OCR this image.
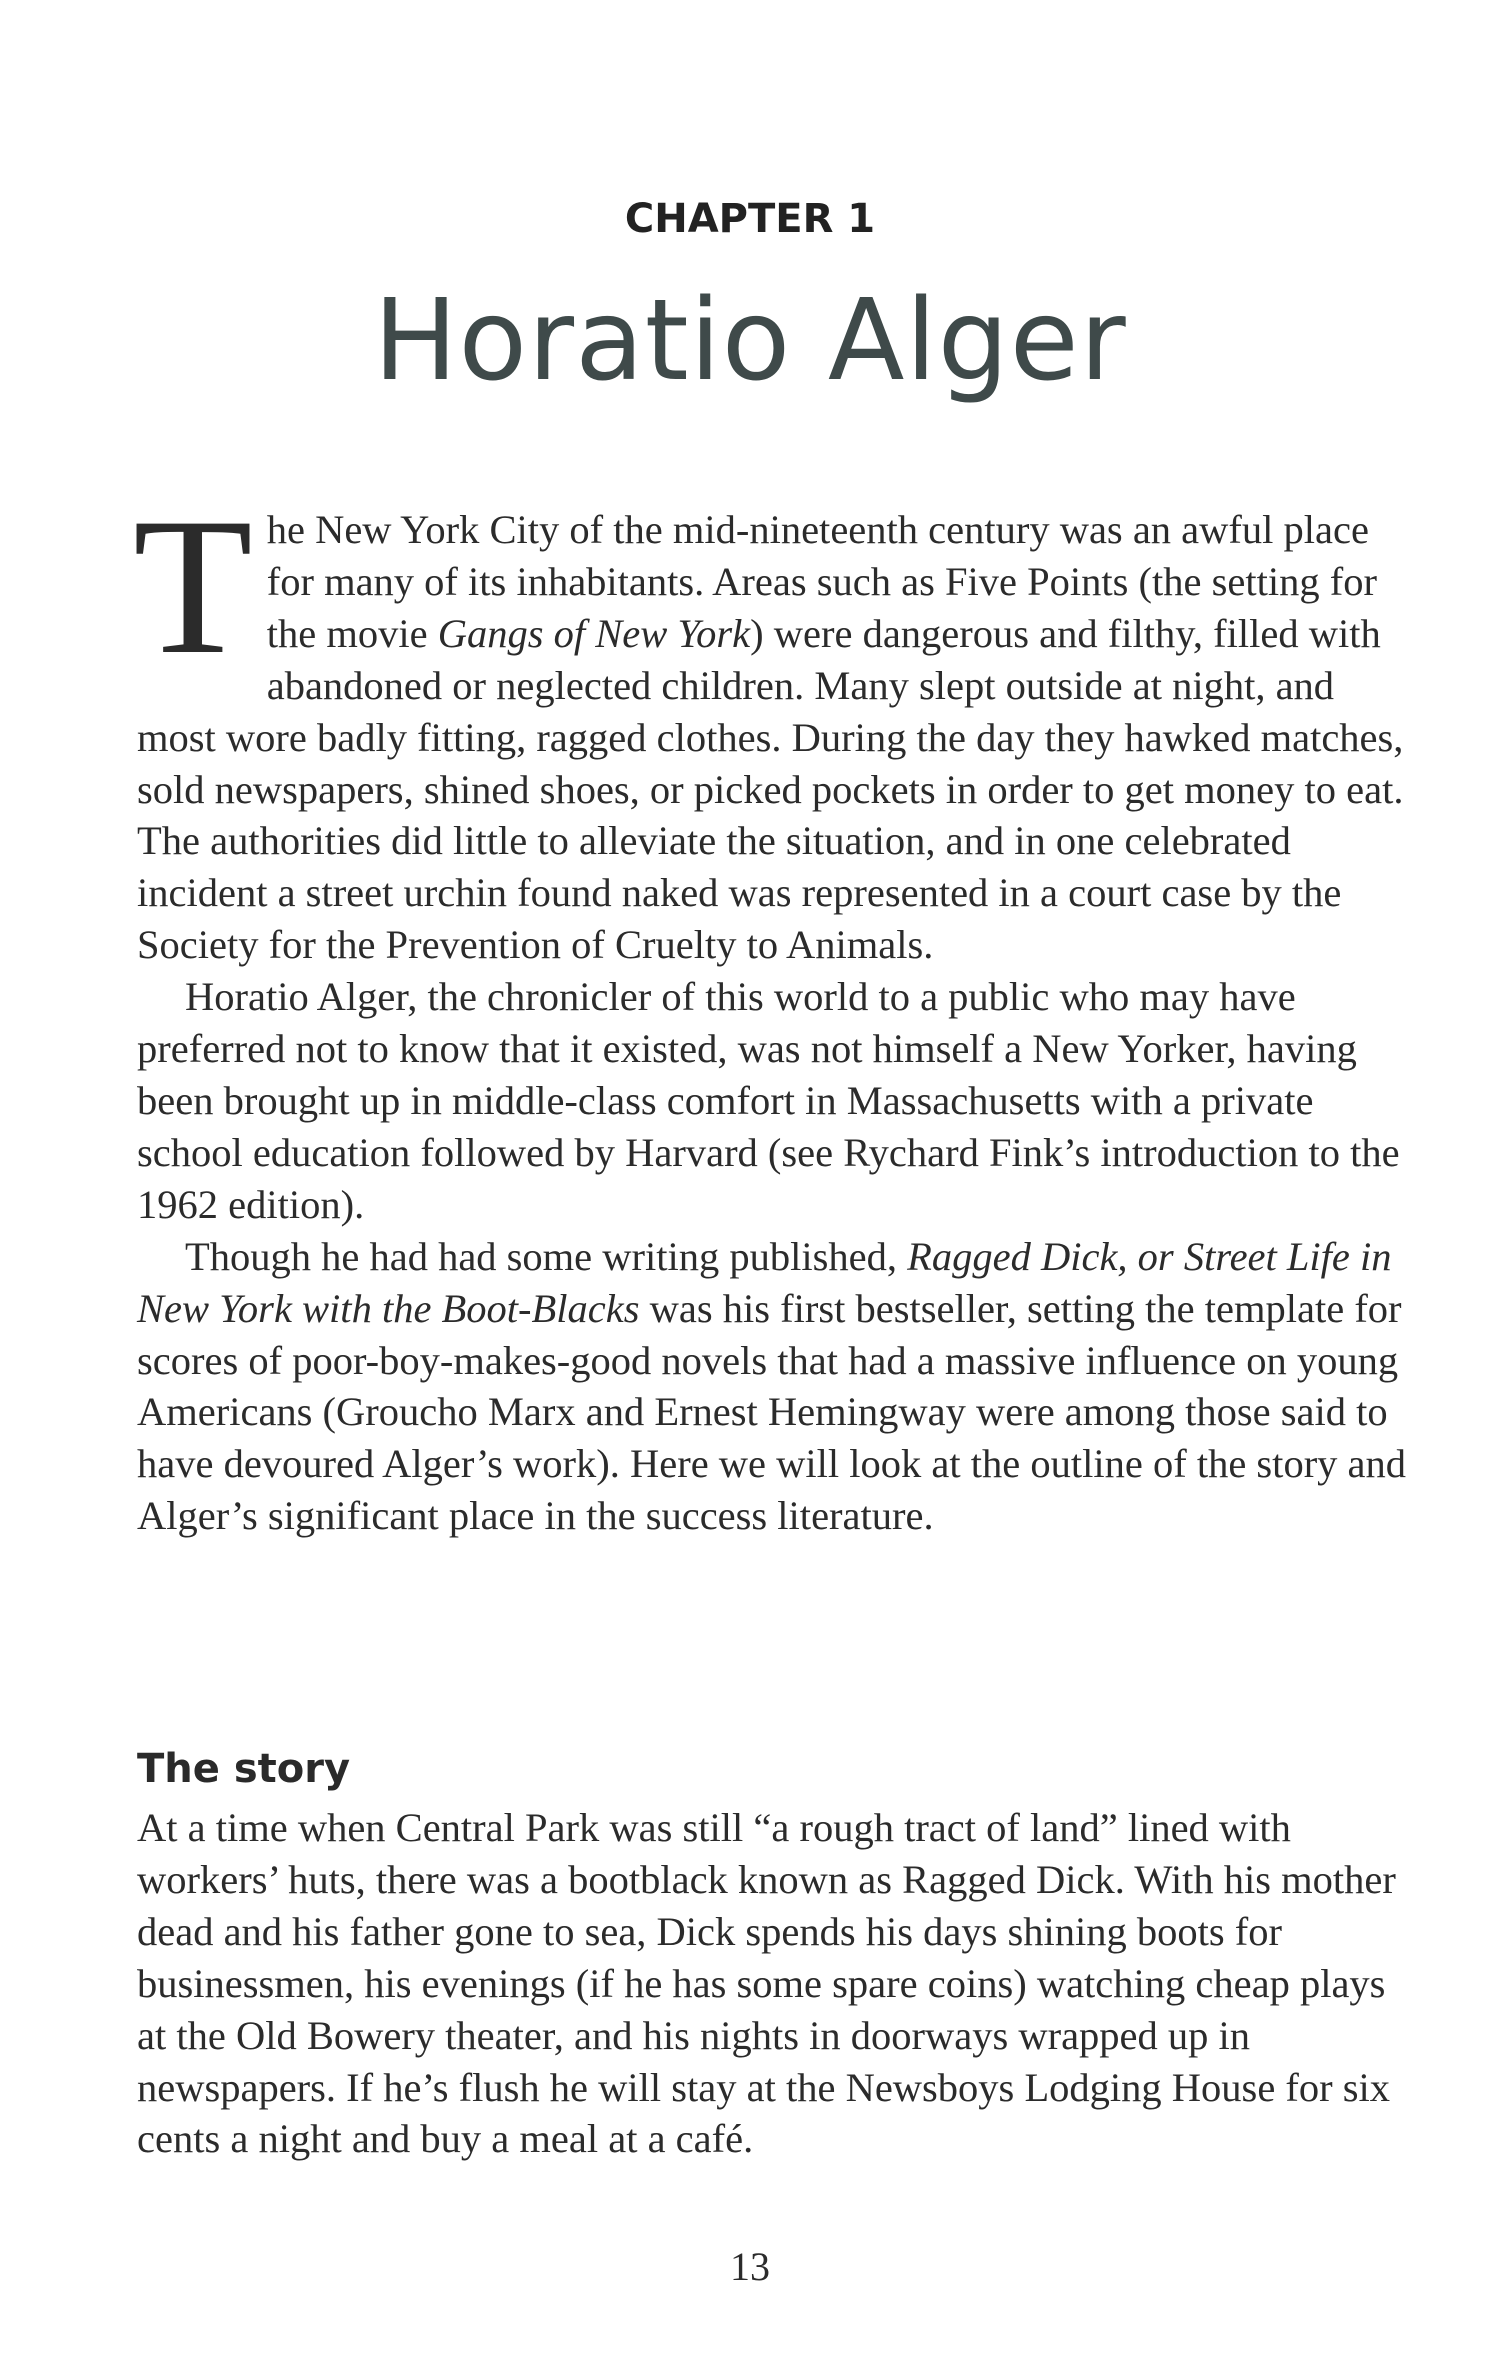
CHAPTER 1
Horatio Alger

The New York City of the mid-nineteenth century was an awful place for many of its inhabitants. Areas such as Five Points (the setting for the movie Gangs of New York) were dangerous and filthy, filled with abandoned or neglected children. Many slept outside at night, and most wore badly fitting, ragged clothes. During the day they hawked matches, sold newspapers, shined shoes, or picked pockets in order to get money to eat. The authorities did little to alleviate the situation, and in one celebrated incident a street urchin found naked was represented in a court case by the Society for the Prevention of Cruelty to Animals.

Horatio Alger, the chronicler of this world to a public who may have preferred not to know that it existed, was not himself a New Yorker, having been brought up in middle-class comfort in Massachusetts with a private school education followed by Harvard (see Rychard Fink’s introduction to the 1962 edition).

Though he had had some writing published, Ragged Dick, or Street Life in New York with the Boot-Blacks was his first bestseller, setting the template for scores of poor-boy-makes-good novels that had a massive influence on young Americans (Groucho Marx and Ernest Hemingway were among those said to have devoured Alger’s work). Here we will look at the outline of the story and Alger’s significant place in the success literature.

The story

At a time when Central Park was still “a rough tract of land” lined with workers’ huts, there was a bootblack known as Ragged Dick. With his mother dead and his father gone to sea, Dick spends his days shining boots for businessmen, his evenings (if he has some spare coins) watching cheap plays at the Old Bowery theater, and his nights in doorways wrapped up in newspapers. If he’s flush he will stay at the Newsboys Lodging House for six cents a night and buy a meal at a café.

13
